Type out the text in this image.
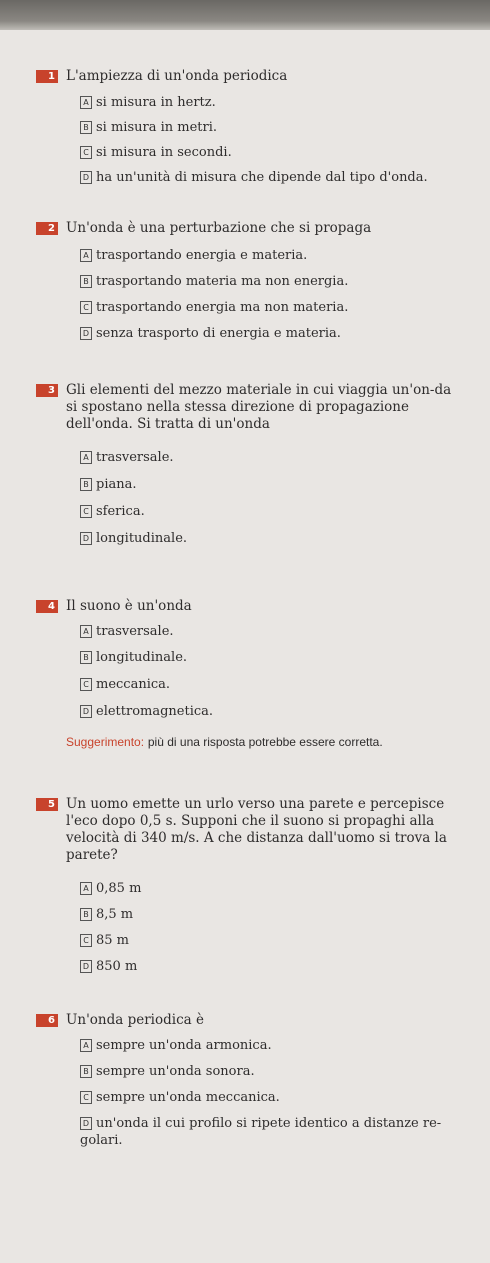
1 L'ampiezza di un'onda periodica
A si misura in hertz.
B si misura in metri.
C si misura in secondi.
D ha un'unità di misura che dipende dal tipo d'onda.
2 Un'onda è una perturbazione che si propaga
A trasportando energia e materia.
B trasportando materia ma non energia.
C trasportando energia ma non materia.
D senza trasporto di energia e materia.
3 Gli elementi del mezzo materiale in cui viaggia un'on-da si spostano nella stessa direzione di propagazione dell'onda. Si tratta di un'onda
A trasversale.
B piana.
C sferica.
D longitudinale.
4 Il suono è un'onda
A trasversale.
B longitudinale.
C meccanica.
D elettromagnetica.
Suggerimento: più di una risposta potrebbe essere corretta.
5 Un uomo emette un urlo verso una parete e percepisce l'eco dopo 0,5 s. Supponi che il suono si propaghi alla velocità di 340 m/s. A che distanza dall'uomo si trova la parete?
A 0,85 m
B 8,5 m
C 85 m
D 850 m
6 Un'onda periodica è
A sempre un'onda armonica.
B sempre un'onda sonora.
C sempre un'onda meccanica.
D un'onda il cui profilo si ripete identico a distanze re-golari.
